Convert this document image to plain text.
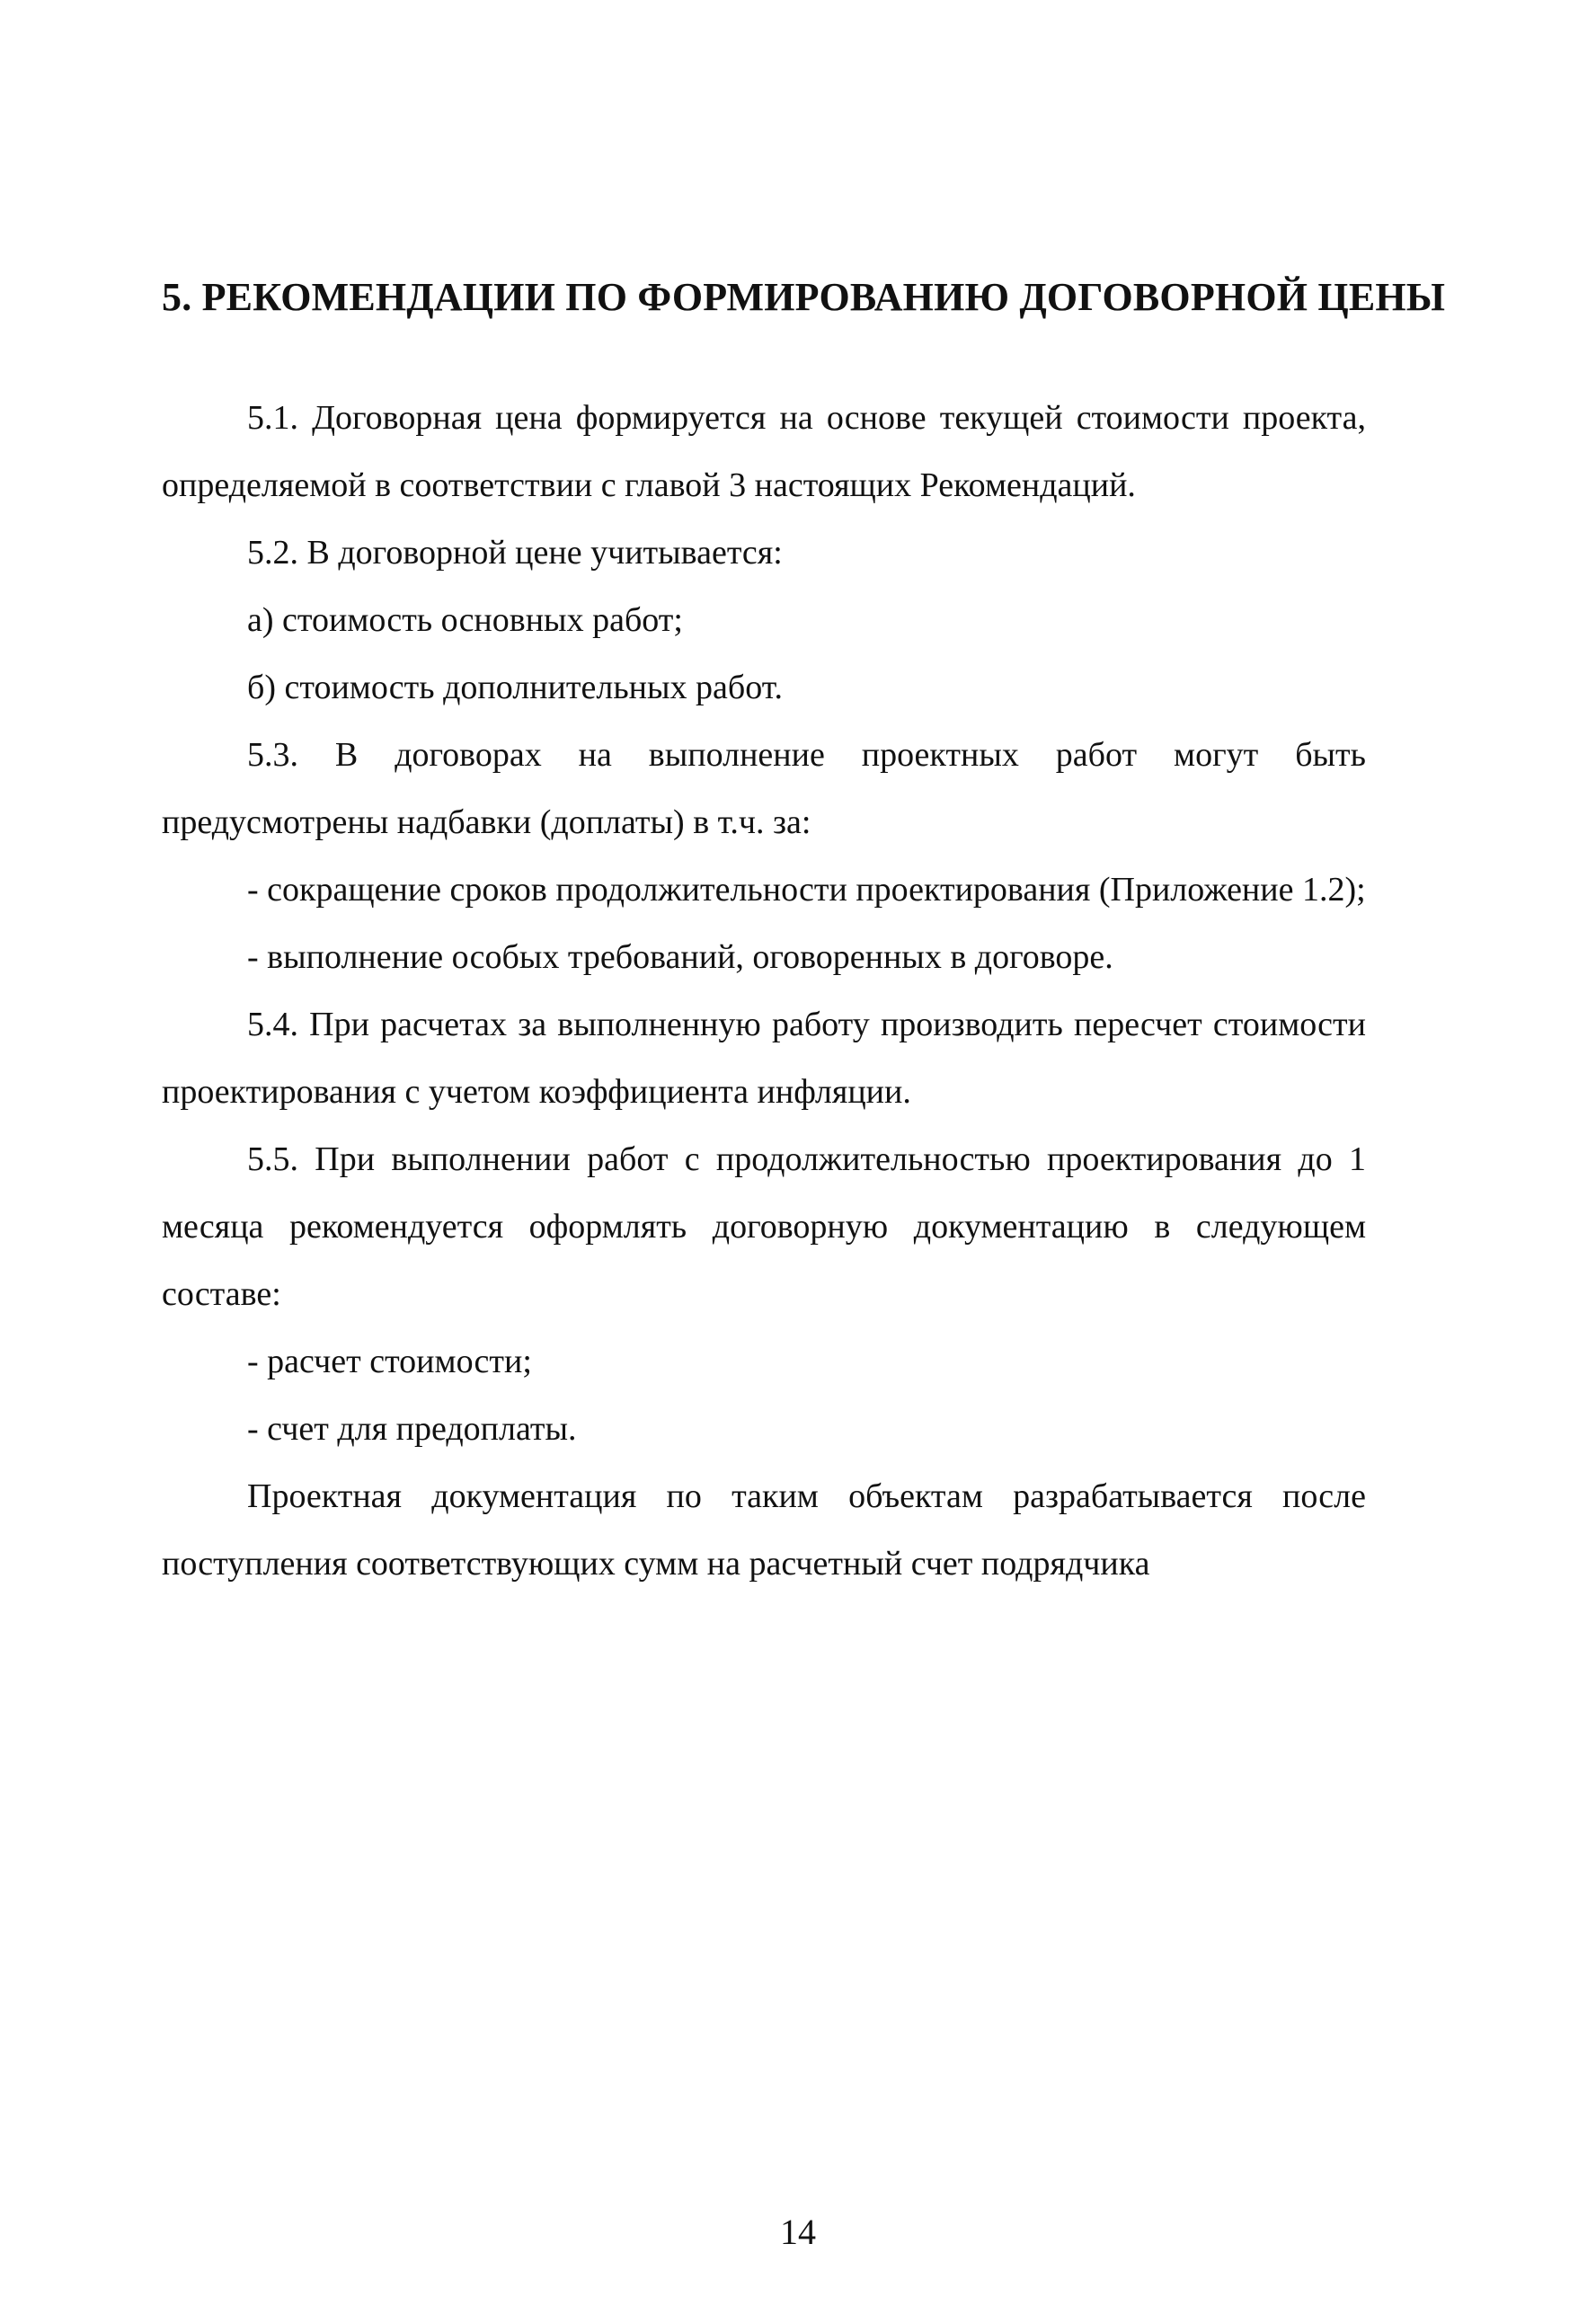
5. РЕКОМЕНДАЦИИ ПО ФОРМИРОВАНИЮ ДОГОВОРНОЙ ЦЕНЫ

5.1. Договорная цена формируется на основе текущей стоимости проекта, определяемой в соответствии с главой 3 настоящих Рекомендаций.

5.2. В договорной цене учитывается:

а) стоимость основных работ;

б) стоимость дополнительных работ.

5.3. В договорах на выполнение проектных работ могут быть предусмотрены надбавки (доплаты) в т.ч. за:

- сокращение сроков продолжительности проектирования (Приложение 1.2);

- выполнение особых требований, оговоренных в договоре.

5.4. При расчетах за выполненную работу производить пересчет стоимости проектирования с учетом коэффициента инфляции.

5.5. При выполнении работ с продолжительностью проектирования до 1 месяца рекомендуется оформлять договорную документацию в следующем составе:

- расчет стоимости;

- счет для предоплаты.

Проектная документация по таким объектам разрабатывается после поступления соответствующих сумм на расчетный счет подрядчика

14
